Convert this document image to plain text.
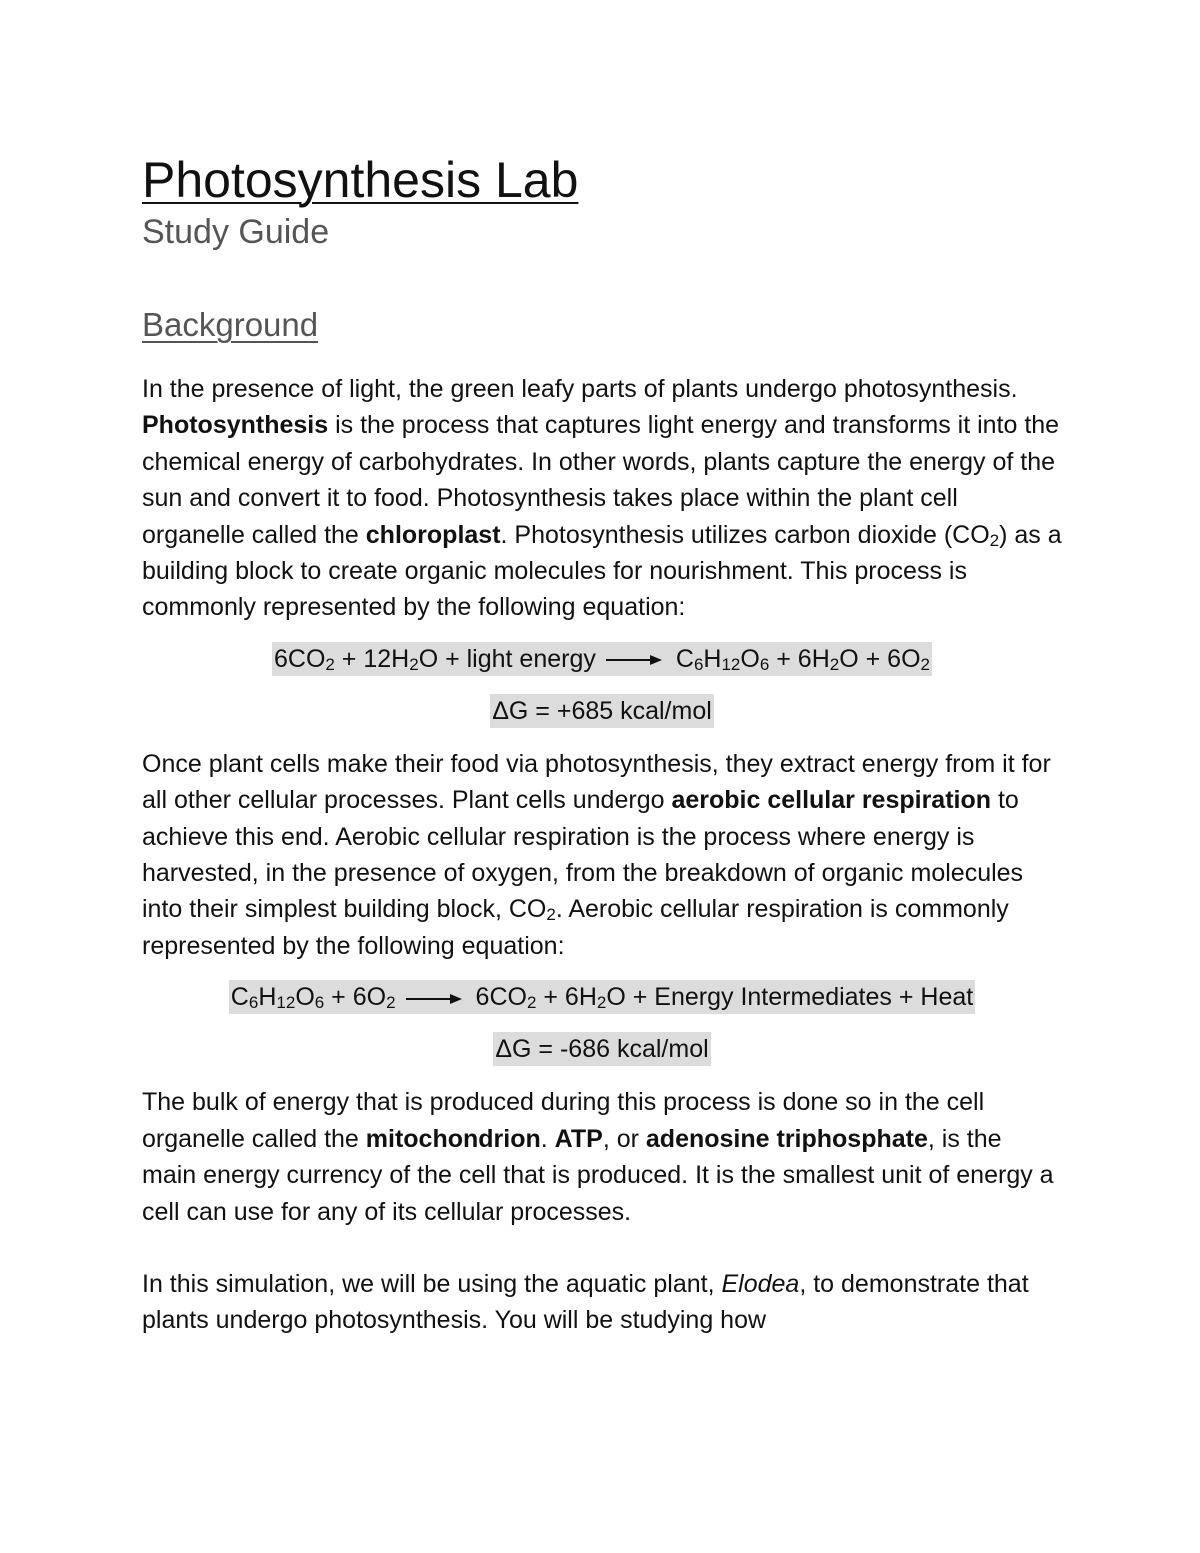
Photosynthesis Lab
Study Guide
Background

In the presence of light, the green leafy parts of plants undergo photosynthesis. Photosynthesis is the process that captures light energy and transforms it into the chemical energy of carbohydrates. In other words, plants capture the energy of the sun and convert it to food. Photosynthesis takes place within the plant cell organelle called the chloroplast. Photosynthesis utilizes carbon dioxide $(CO_2)$ as a building block to create organic molecules for nourishment. This process is commonly represented by the following equation:

$6CO_2 + 12H_2O$ + light energy → $C_6H_{12}O_6 + 6H_2O + 6O_2$
ΔG = +685 kcal/mol

Once plant cells make their food via photosynthesis, they extract energy from it for all other cellular processes. Plant cells undergo aerobic cellular respiration to achieve this end. Aerobic cellular respiration is the process where energy is harvested, in the presence of oxygen, from the breakdown of organic molecules into their simplest building block, $CO_2$. Aerobic cellular respiration is commonly represented by the following equation:

$C_6H_{12}O_6 + 6O_2 \to 6CO_2 + 6H_2O$ + Energy Intermediates + Heat
ΔG = -686 kcal/mol

The bulk of energy that is produced during this process is done so in the cell organelle called the mitochondrion. ATP, or adenosine triphosphate, is the main energy currency of the cell that is produced. It is the smallest unit of energy a cell can use for any of its cellular processes.

In this simulation, we will be using the aquatic plant, Elodea, to demonstrate that plants undergo photosynthesis. You will be studying how
